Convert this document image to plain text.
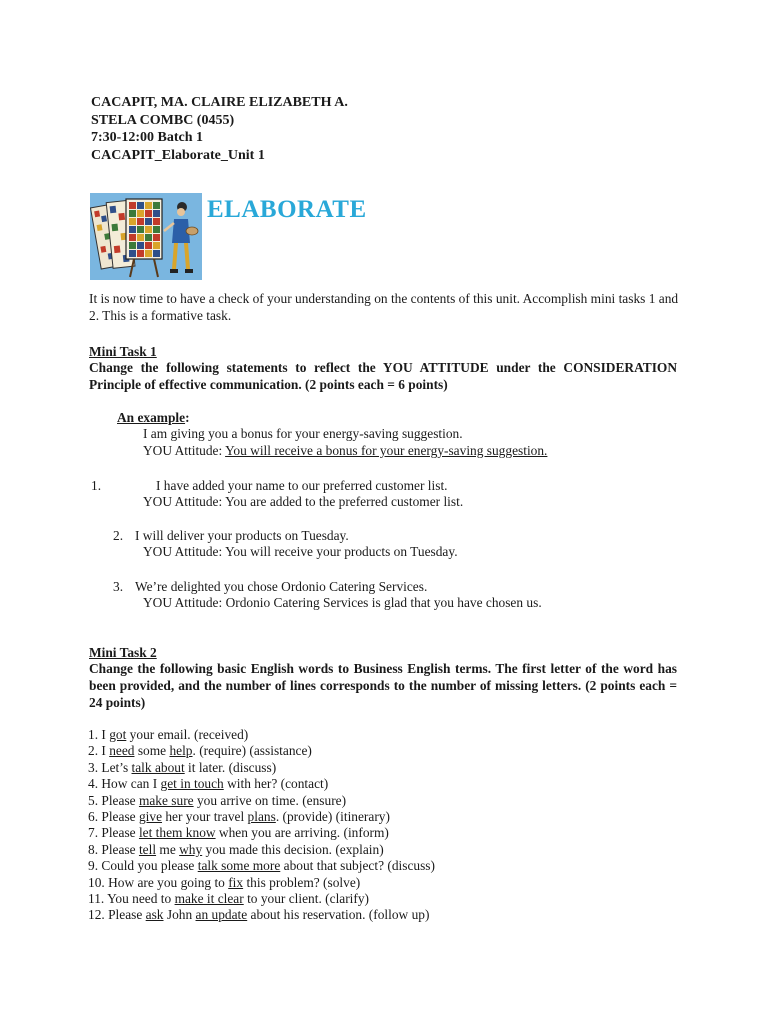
CACAPIT, MA. CLAIRE ELIZABETH A.
STELA COMBC (0455)
7:30-12:00 Batch 1
CACAPIT_Elaborate_Unit 1
ELABORATE
It is now time to have a check of your understanding on the contents of this unit. Accomplish mini tasks 1 and 2. This is a formative task.
Mini Task 1
Change the following statements to reflect the YOU ATTITUDE under the CONSIDERATION Principle of effective communication. (2 points each = 6 points)
An example:
I am giving you a bonus for your energy-saving suggestion.
YOU Attitude: You will receive a bonus for your energy-saving suggestion.
1.	I have added your name to our preferred customer list.
YOU Attitude: You are added to the preferred customer list.
2. I will deliver your products on Tuesday.
YOU Attitude: You will receive your products on Tuesday.
3. We’re delighted you chose Ordonio Catering Services.
YOU Attitude: Ordonio Catering Services is glad that you have chosen us.
Mini Task 2
Change the following basic English words to Business English terms. The first letter of the word has been provided, and the number of lines corresponds to the number of missing letters. (2 points each = 24 points)
1. I got your email. (received)
2. I need some help. (require) (assistance)
3. Let’s talk about it later. (discuss)
4. How can I get in touch with her? (contact)
5. Please make sure you arrive on time. (ensure)
6. Please give her your travel plans. (provide) (itinerary)
7. Please let them know when you are arriving. (inform)
8. Please tell me why you made this decision. (explain)
9. Could you please talk some more about that subject? (discuss)
10. How are you going to fix this problem? (solve)
11. You need to make it clear to your client. (clarify)
12. Please ask John an update about his reservation. (follow up)
